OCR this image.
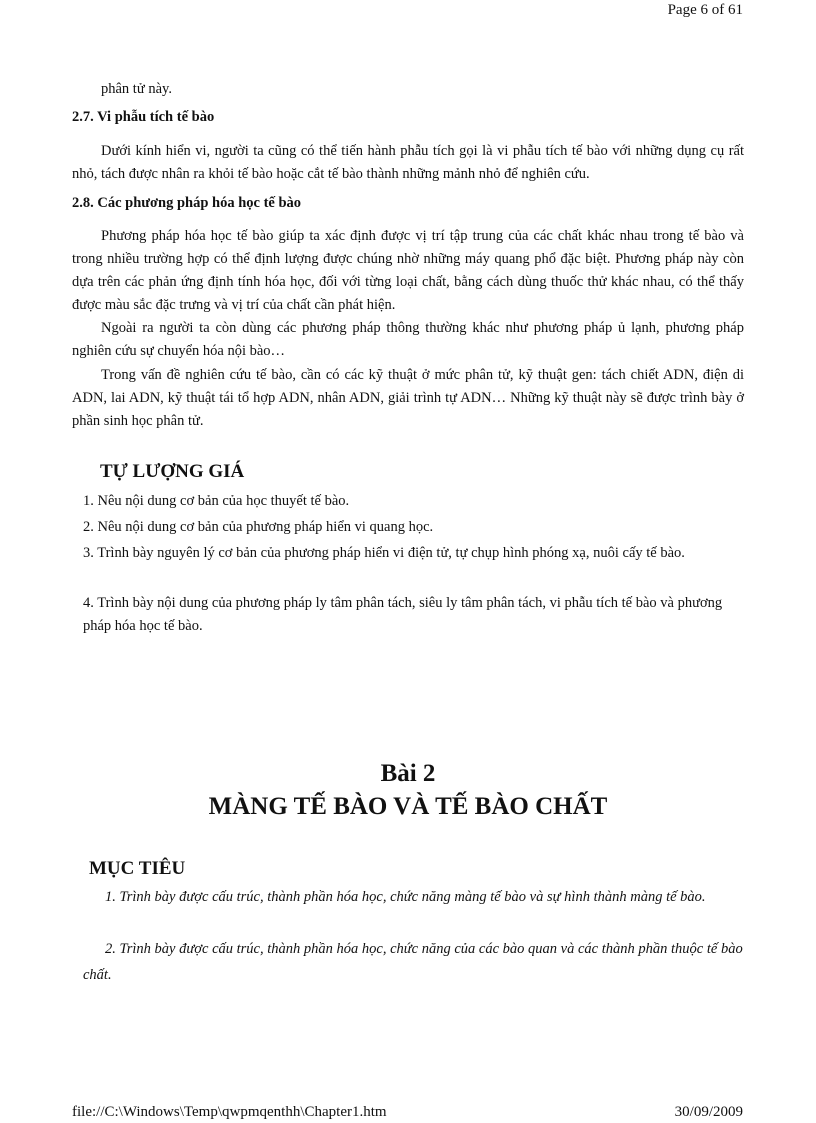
Page 6 of 61

phân tử này.

2.7. Vi phẫu tích tế bào

Dưới kính hiển vi, người ta cũng có thể tiến hành phẫu tích gọi là vi phẫu tích tế bào với những dụng cụ rất nhỏ, tách được nhân ra khỏi tế bào hoặc cắt tế bào thành những mảnh nhỏ để nghiên cứu.

2.8. Các phương pháp hóa học tế bào

Phương pháp hóa học tế bào giúp ta xác định được vị trí tập trung của các chất khác nhau trong tế bào và trong nhiều trường hợp có thể định lượng được chúng nhờ những máy quang phổ đặc biệt. Phương pháp này còn dựa trên các phản ứng định tính hóa học, đối với từng loại chất, bằng cách dùng thuốc thử khác nhau, có thể thấy được màu sắc đặc trưng và vị trí của chất cần phát hiện.

Ngoài ra người ta còn dùng các phương pháp thông thường khác như phương pháp ủ lạnh, phương pháp nghiên cứu sự chuyển hóa nội bào…

Trong vấn đề nghiên cứu tế bào, cần có các kỹ thuật ở mức phân tử, kỹ thuật gen: tách chiết ADN, điện di ADN, lai ADN, kỹ thuật tái tổ hợp ADN, nhân ADN, giải trình tự ADN… Những kỹ thuật này sẽ được trình bày ở phần sinh học phân tử.

TỰ LƯỢNG GIÁ

1. Nêu nội dung cơ bản của học thuyết tế bào.

2. Nêu nội dung cơ bản của phương pháp hiển vi quang học.

3. Trình bày nguyên lý cơ bản của phương pháp hiển vi điện tử, tự chụp hình phóng xạ, nuôi cấy tế bào.

4. Trình bày nội dung của phương pháp ly tâm phân tách, siêu ly tâm phân tách, vi phẫu tích tế bào và phương pháp hóa học tế bào.

Bài 2
MÀNG TẾ BÀO VÀ TẾ BÀO CHẤT
MỤC TIÊU

1. Trình bày được cấu trúc, thành phần hóa học, chức năng màng tế bào và sự hình thành màng tế bào.

2. Trình bày được cấu trúc, thành phần hóa học, chức năng của các bào quan và các thành phần thuộc tế bào chất.

file://C:\Windows\Temp\qwpmqenthh\Chapter1.htm	30/09/2009
